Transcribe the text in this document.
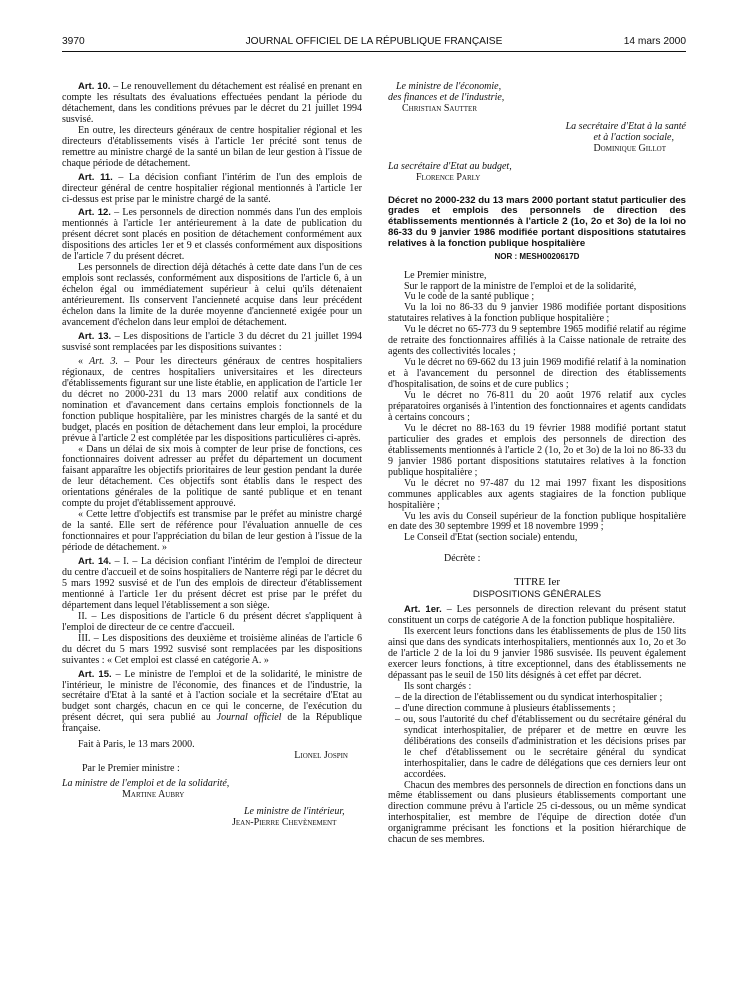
3970	JOURNAL OFFICIEL DE LA RÉPUBLIQUE FRANÇAISE	14 mars 2000

Art. 10. – Le renouvellement du détachement est réalisé en prenant en compte les résultats des évaluations effectuées pendant la période du détachement, dans les conditions prévues par le décret du 21 juillet 1994 susvisé.

En outre, les directeurs généraux de centre hospitalier régional et les directeurs d'établissements visés à l'article 1er précité sont tenus de remettre au ministre chargé de la santé un bilan de leur gestion à l'issue de chaque période de détachement.

Art. 11. – La décision confiant l'intérim de l'un des emplois de directeur général de centre hospitalier régional mentionnés à l'article 1er ci-dessus est prise par le ministre chargé de la santé.

Art. 12. – Les personnels de direction nommés dans l'un des emplois mentionnés à l'article 1er antérieurement à la date de publication du présent décret sont placés en position de détachement conformément aux dispositions des articles 1er et 9 et classés conformément aux dispositions de l'article 7 du présent décret.

Les personnels de direction déjà détachés à cette date dans l'un de ces emplois sont reclassés, conformément aux dispositions de l'article 6, à un échelon égal ou immédiatement supérieur à celui qu'ils détenaient antérieurement. Ils conservent l'ancienneté acquise dans leur précédent échelon dans la limite de la durée moyenne d'ancienneté exigée pour un avancement d'échelon dans leur emploi de détachement.

Art. 13. – Les dispositions de l'article 3 du décret du 21 juillet 1994 susvisé sont remplacées par les dispositions suivantes :

« Art. 3. – Pour les directeurs généraux de centres hospitaliers régionaux, de centres hospitaliers universitaires et les directeurs d'établissements figurant sur une liste établie, en application de l'article 1er du décret no 2000-231 du 13 mars 2000 relatif aux conditions de nomination et d'avancement dans certains emplois fonctionnels de la fonction publique hospitalière, par les ministres chargés de la santé et du budget, placés en position de détachement dans leur emploi, la procédure prévue à l'article 2 est complétée par les dispositions particulières ci-après.

« Dans un délai de six mois à compter de leur prise de fonctions, ces fonctionnaires doivent adresser au préfet du département un document faisant apparaître les objectifs prioritaires de leur gestion pendant la durée de leur détachement. Ces objectifs sont établis dans le respect des orientations générales de la politique de santé publique et en tenant compte du projet d'établissement approuvé.

« Cette lettre d'objectifs est transmise par le préfet au ministre chargé de la santé. Elle sert de référence pour l'évaluation annuelle de ces fonctionnaires et pour l'appréciation du bilan de leur gestion à l'issue de la période de détachement. »

Art. 14. – I. – La décision confiant l'intérim de l'emploi de directeur du centre d'accueil et de soins hospitaliers de Nanterre régi par le décret du 5 mars 1992 susvisé et de l'un des emplois de directeur d'établissement mentionné à l'article 1er du présent décret est prise par le préfet du département dans lequel l'établissement a son siège.

II. – Les dispositions de l'article 6 du présent décret s'appliquent à l'emploi de directeur de ce centre d'accueil.

III. – Les dispositions des deuxième et troisième alinéas de l'article 6 du décret du 5 mars 1992 susvisé sont remplacées par les dispositions suivantes : « Cet emploi est classé en catégorie A. »

Art. 15. – Le ministre de l'emploi et de la solidarité, le ministre de l'intérieur, le ministre de l'économie, des finances et de l'industrie, la secrétaire d'Etat à la santé et à l'action sociale et la secrétaire d'Etat au budget sont chargés, chacun en ce qui le concerne, de l'exécution du présent décret, qui sera publié au Journal officiel de la République française.

Fait à Paris, le 13 mars 2000.

Lionel Jospin

Par le Premier ministre :

La ministre de l'emploi et de la solidarité,

Martine Aubry

Le ministre de l'intérieur,

Jean-Pierre Chevènement

Le ministre de l'économie,

des finances et de l'industrie,

Christian Sautter

La secrétaire d'Etat à la santé

et à l'action sociale,

Dominique Gillot

La secrétaire d'Etat au budget,

Florence Parly

Décret no 2000-232 du 13 mars 2000 portant statut particulier des grades et emplois des personnels de direction des établissements mentionnés à l'article 2 (1o, 2o et 3o) de la loi no 86-33 du 9 janvier 1986 modifiée portant dispositions statutaires relatives à la fonction publique hospitalière

NOR : MESH0020617D

Le Premier ministre,

Sur le rapport de la ministre de l'emploi et de la solidarité,

Vu le code de la santé publique ;

Vu la loi no 86-33 du 9 janvier 1986 modifiée portant dispositions statutaires relatives à la fonction publique hospitalière ;

Vu le décret no 65-773 du 9 septembre 1965 modifié relatif au régime de retraite des fonctionnaires affiliés à la Caisse nationale de retraite des agents des collectivités locales ;

Vu le décret no 69-662 du 13 juin 1969 modifié relatif à la nomination et à l'avancement du personnel de direction des établissements d'hospitalisation, de soins et de cure publics ;

Vu le décret no 76-811 du 20 août 1976 relatif aux cycles préparatoires organisés à l'intention des fonctionnaires et agents candidats à certains concours ;

Vu le décret no 88-163 du 19 février 1988 modifié portant statut particulier des grades et emplois des personnels de direction des établissements mentionnés à l'article 2 (1o, 2o et 3o) de la loi no 86-33 du 9 janvier 1986 portant dispositions statutaires relatives à la fonction publique hospitalière ;

Vu le décret no 97-487 du 12 mai 1997 fixant les dispositions communes applicables aux agents stagiaires de la fonction publique hospitalière ;

Vu les avis du Conseil supérieur de la fonction publique hospitalière en date des 30 septembre 1999 et 18 novembre 1999 ;

Le Conseil d'Etat (section sociale) entendu,

Décrète :

TITRE Ier

DISPOSITIONS GÉNÉRALES

Art. 1er. – Les personnels de direction relevant du présent statut constituent un corps de catégorie A de la fonction publique hospitalière.

Ils exercent leurs fonctions dans les établissements de plus de 150 lits ainsi que dans des syndicats interhospitaliers, mentionnés aux 1o, 2o et 3o de l'article 2 de la loi du 9 janvier 1986 susvisée. Ils peuvent également exercer leurs fonctions, à titre exceptionnel, dans des établissements ne dépassant pas le seuil de 150 lits désignés à cet effet par décret.

Ils sont chargés :

– de la direction de l'établissement ou du syndicat interhospitalier ;

– d'une direction commune à plusieurs établissements ;

– ou, sous l'autorité du chef d'établissement ou du secrétaire général du syndicat interhospitalier, de préparer et de mettre en œuvre les délibérations des conseils d'administration et les décisions prises par le chef d'établissement ou le secrétaire général du syndicat interhospitalier, dans le cadre de délégations que ces derniers leur ont accordées.

Chacun des membres des personnels de direction en fonctions dans un même établissement ou dans plusieurs établissements comportant une direction commune prévu à l'article 25 ci-dessous, ou un même syndicat interhospitalier, est membre de l'équipe de direction dotée d'un organigramme précisant les fonctions et la position hiérarchique de chacun de ses membres.
